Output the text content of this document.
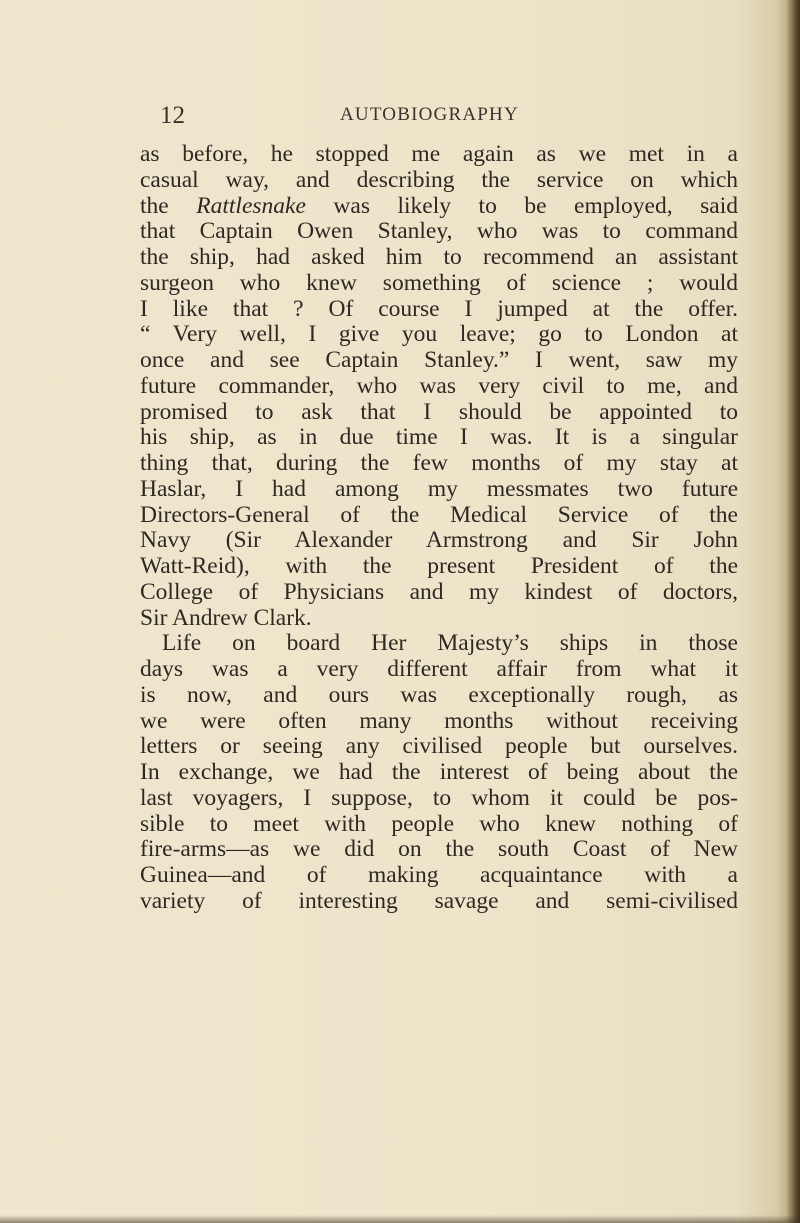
12	AUTOBIOGRAPHY
as before, he stopped me again as we met in a
casual way, and describing the service on which
the Rattlesnake was likely to be employed, said
that Captain Owen Stanley, who was to command
the ship, had asked him to recommend an assistant
surgeon who knew something of science ; would
I like that ? Of course I jumped at the offer.
“ Very well, I give you leave; go to London at
once and see Captain Stanley.” I went, saw my
future commander, who was very civil to me, and
promised to ask that I should be appointed to
his ship, as in due time I was. It is a singular
thing that, during the few months of my stay at
Haslar, I had among my messmates two future
Directors-General of the Medical Service of the
Navy (Sir Alexander Armstrong and Sir John
Watt-Reid), with the present President of the
College of Physicians and my kindest of doctors,
Sir Andrew Clark.
Life on board Her Majesty’s ships in those
days was a very different affair from what it
is now, and ours was exceptionally rough, as
we were often many months without receiving
letters or seeing any civilised people but ourselves.
In exchange, we had the interest of being about the
last voyagers, I suppose, to whom it could be pos-
sible to meet with people who knew nothing of
fire-arms—as we did on the south Coast of New
Guinea—and of making acquaintance with a
variety of interesting savage and semi-civilised
